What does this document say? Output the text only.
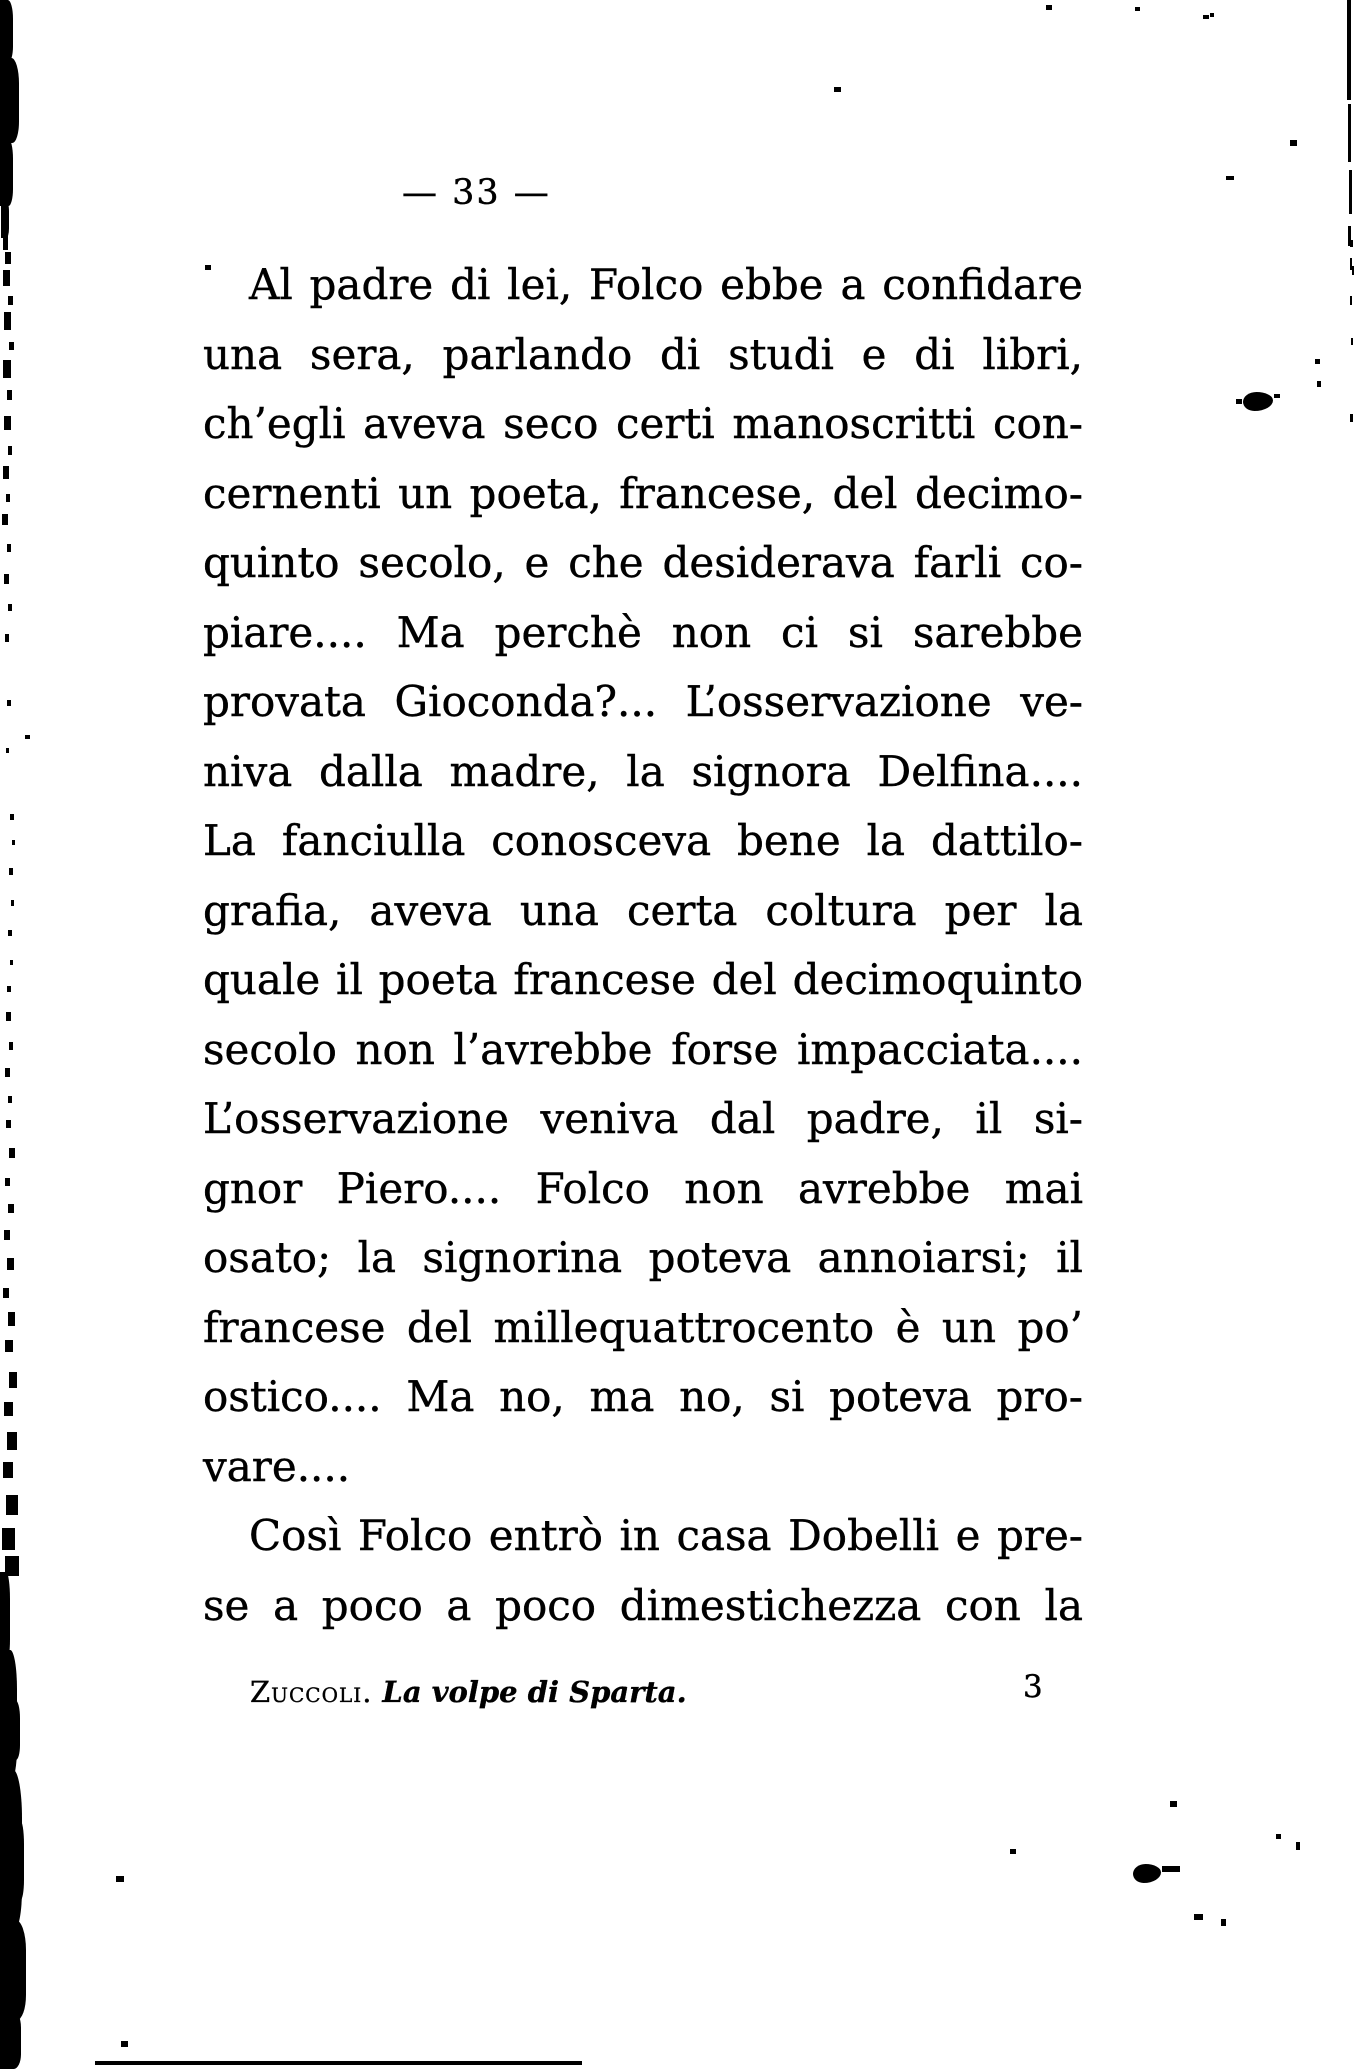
— 33 —
Al padre di lei, Folco ebbe a confidare
una sera, parlando di studi e di libri,
ch’egli aveva seco certi manoscritti con-
cernenti un poeta, francese, del decimo-
quinto secolo, e che desiderava farli co-
piare.... Ma perchè non ci si sarebbe
provata Gioconda?... L’osservazione ve-
niva dalla madre, la signora Delfina....
La fanciulla conosceva bene la dattilo-
grafia, aveva una certa coltura per la
quale il poeta francese del decimoquinto
secolo non l’avrebbe forse impacciata....
L’osservazione veniva dal padre, il si-
gnor Piero.... Folco non avrebbe mai
osato; la signorina poteva annoiarsi; il
francese del millequattrocento è un po’
ostico.... Ma no, ma no, si poteva pro-
vare....
Così Folco entrò in casa Dobelli e pre-
se a poco a poco dimestichezza con la
Zuccoli. La volpe di Sparta.	3
